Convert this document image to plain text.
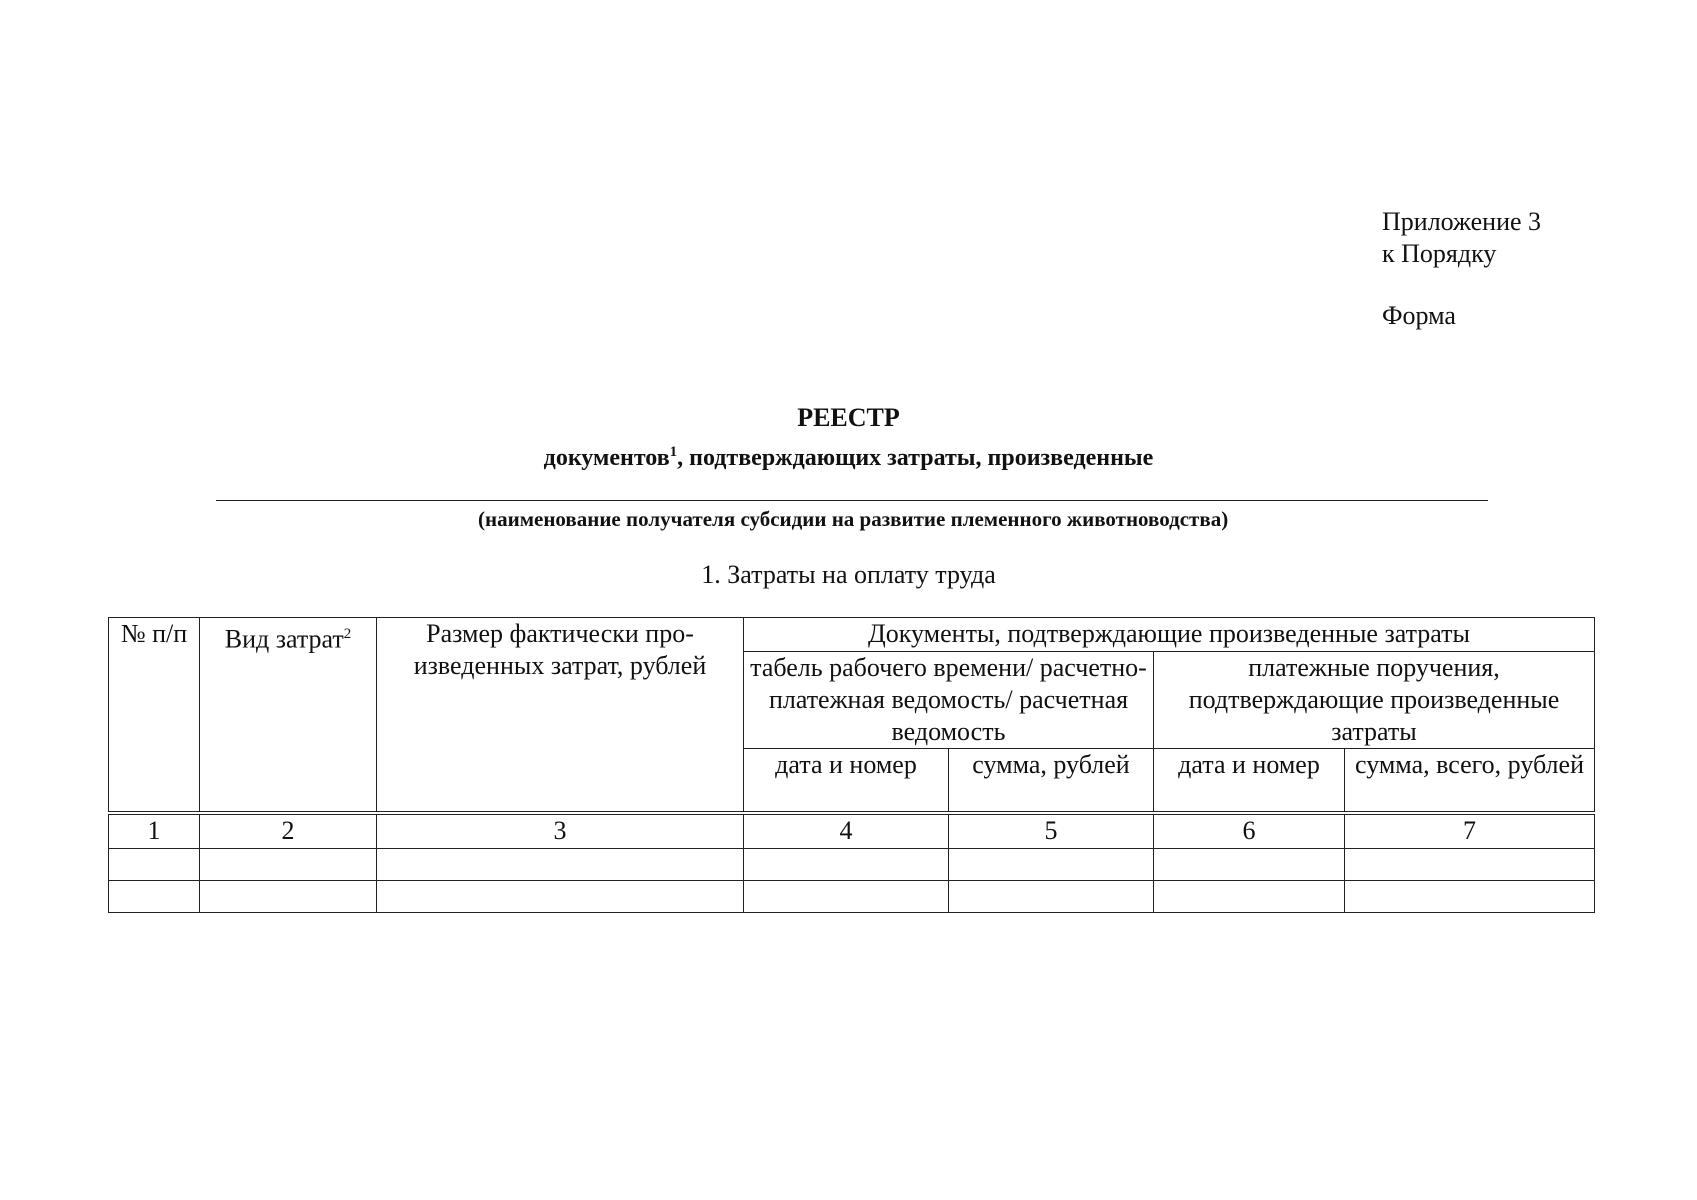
Приложение 3
к Порядку
Форма
РЕЕСТР
документов$^1$, подтверждающих затраты, произведенные
(наименование получателя субсидии на развитие племенного животноводства)
1. Затраты на оплату труда
№ п/п	Вид затрат$^2$	Размер фактически про-изведенных затрат, рублей	Документы, подтверждающие произведенные затраты			
			табель рабочего времени/ расчетно-платежная ведомость/ расчетная ведомость		платежные поручения, подтверждающие произведенные затраты	
			дата и номер	сумма, рублей	дата и номер	сумма, всего, рублей
1	2	3	4	5	6	7
